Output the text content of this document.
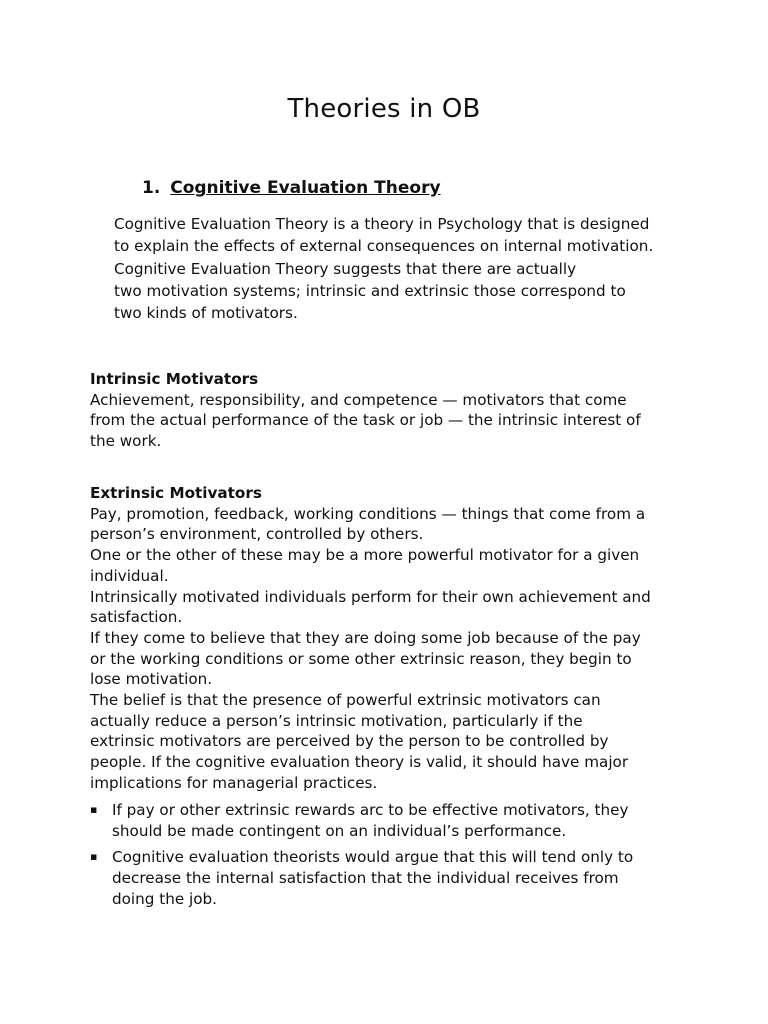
Theories in OB
1. Cognitive Evaluation Theory

Cognitive Evaluation Theory is a theory in Psychology that is designed
to explain the effects of external consequences on internal motivation.
Cognitive Evaluation Theory suggests that there are actually
two motivation systems; intrinsic and extrinsic those correspond to
two kinds of motivators.

Intrinsic Motivators
Achievement, responsibility, and competence — motivators that come
from the actual performance of the task or job — the intrinsic interest of
the work.
Extrinsic Motivators
Pay, promotion, feedback, working conditions — things that come from a
person’s environment, controlled by others.
One or the other of these may be a more powerful motivator for a given
individual.
Intrinsically motivated individuals perform for their own achievement and
satisfaction.
If they come to believe that they are doing some job because of the pay
or the working conditions or some other extrinsic reason, they begin to
lose motivation.
The belief is that the presence of powerful extrinsic motivators can
actually reduce a person’s intrinsic motivation, particularly if the
extrinsic motivators are perceived by the person to be controlled by
people. If the cognitive evaluation theory is valid, it should have major
implications for managerial practices.
▪ If pay or other extrinsic rewards arc to be effective motivators, they
should be made contingent on an individual’s performance.
▪ Cognitive evaluation theorists would argue that this will tend only to
decrease the internal satisfaction that the individual receives from
doing the job.
